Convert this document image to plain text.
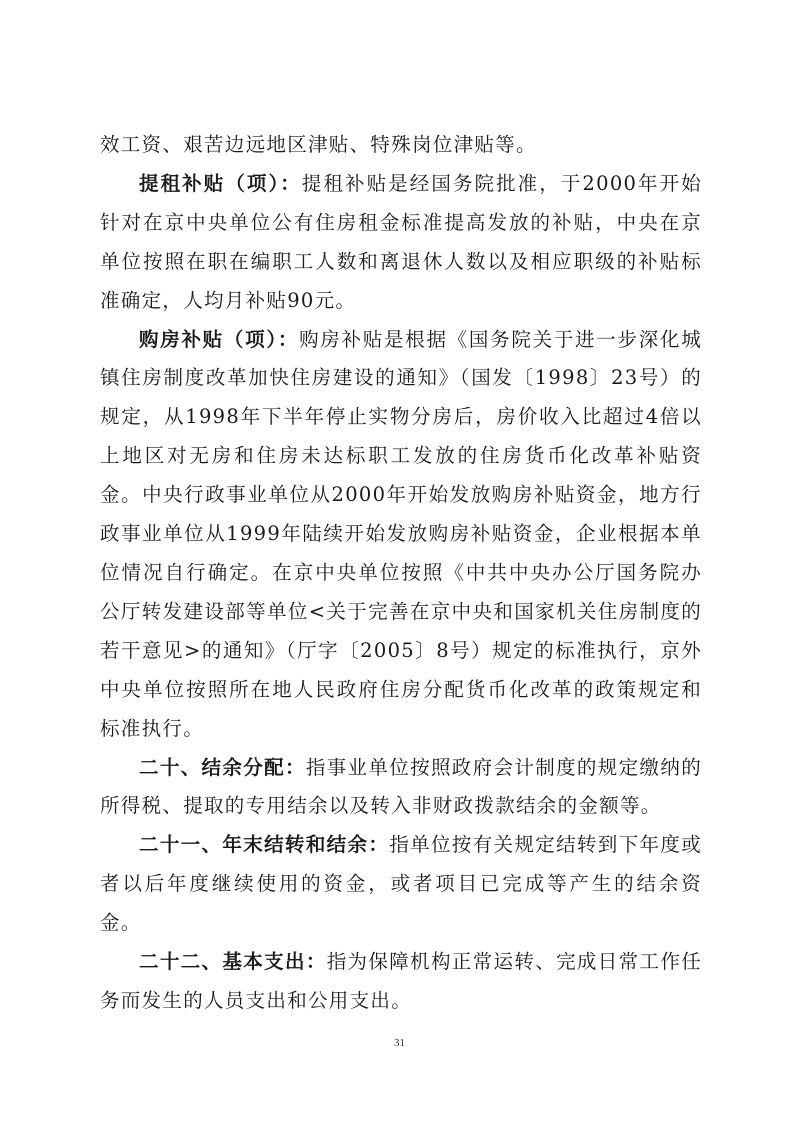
效工资、艰苦边远地区津贴、特殊岗位津贴等。

提租补贴（项）：提租补贴是经国务院批准，于2000年开始针对在京中央单位公有住房租金标准提高发放的补贴，中央在京单位按照在职在编职工人数和离退休人数以及相应职级的补贴标准确定，人均月补贴90元。

购房补贴（项）：购房补贴是根据《国务院关于进一步深化城镇住房制度改革加快住房建设的通知》（国发〔1998〕23号）的规定，从1998年下半年停止实物分房后，房价收入比超过4倍以上地区对无房和住房未达标职工发放的住房货币化改革补贴资金。中央行政事业单位从2000年开始发放购房补贴资金，地方行政事业单位从1999年陆续开始发放购房补贴资金，企业根据本单位情况自行确定。在京中央单位按照《中共中央办公厅国务院办公厅转发建设部等单位<关于完善在京中央和国家机关住房制度的若干意见>的通知》（厅字〔2005〕8号）规定的标准执行，京外中央单位按照所在地人民政府住房分配货币化改革的政策规定和标准执行。

二十、结余分配：指事业单位按照政府会计制度的规定缴纳的所得税、提取的专用结余以及转入非财政拨款结余的金额等。

二十一、年末结转和结余：指单位按有关规定结转到下年度或者以后年度继续使用的资金，或者项目已完成等产生的结余资金。

二十二、基本支出：指为保障机构正常运转、完成日常工作任务而发生的人员支出和公用支出。

31
